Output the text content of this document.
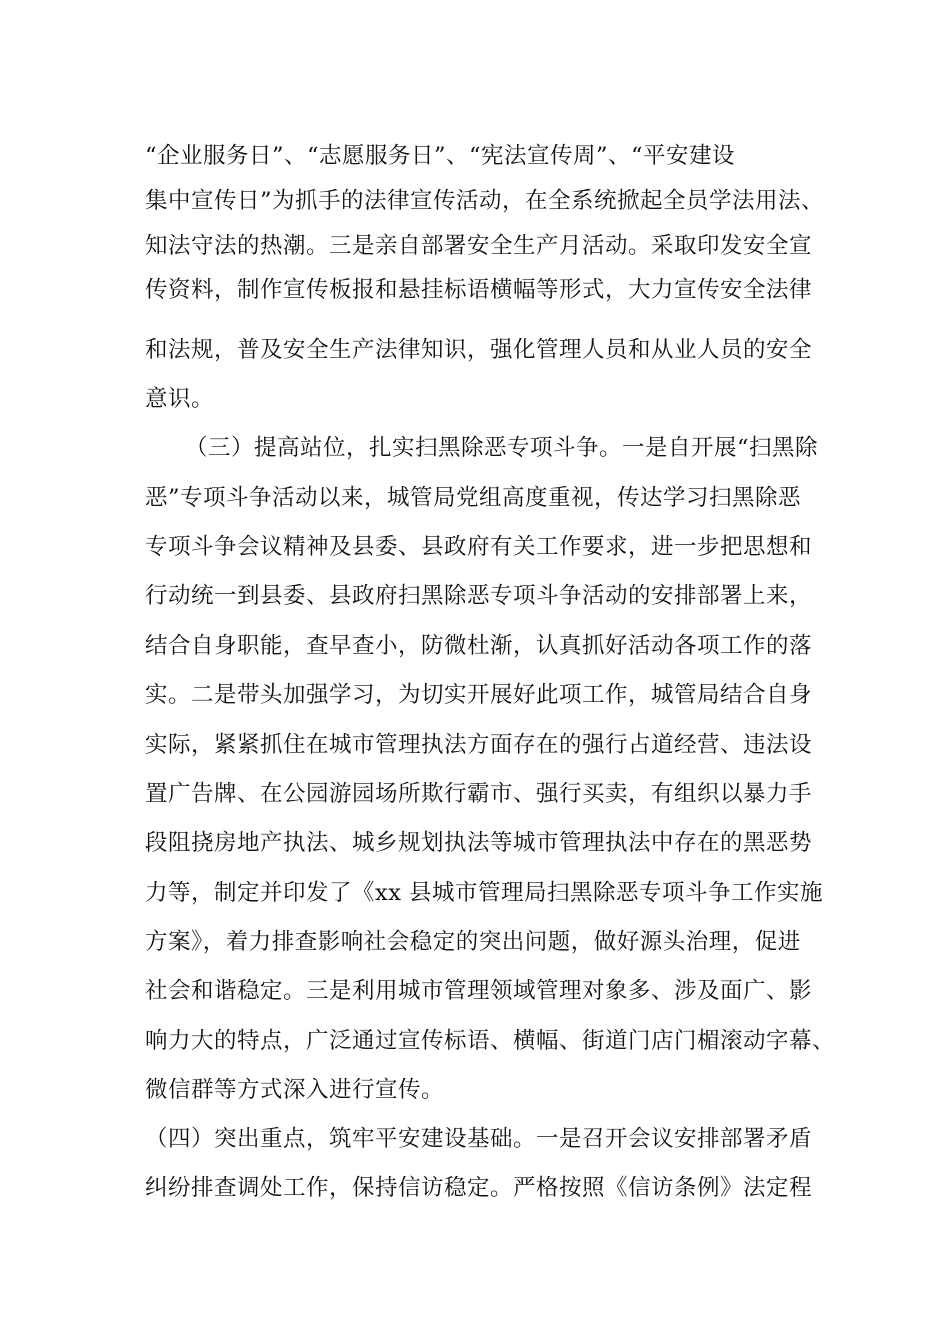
“企业服务日”、“志愿服务日”、“宪法宣传周”、“平安建设
集中宣传日”为抓手的法律宣传活动，在全系统掀起全员学法用法、
知法守法的热潮。三是亲自部署安全生产月活动。采取印发安全宣
传资料，制作宣传板报和悬挂标语横幅等形式，大力宣传安全法律
和法规，普及安全生产法律知识，强化管理人员和从业人员的安全
意识。
（三）提高站位，扎实扫黑除恶专项斗争。一是自开展“扫黑除
恶”专项斗争活动以来，城管局党组高度重视，传达学习扫黑除恶
专项斗争会议精神及县委、县政府有关工作要求，进一步把思想和
行动统一到县委、县政府扫黑除恶专项斗争活动的安排部署上来，
结合自身职能，查早查小，防微杜渐，认真抓好活动各项工作的落
实。二是带头加强学习，为切实开展好此项工作，城管局结合自身
实际，紧紧抓住在城市管理执法方面存在的强行占道经营、违法设
置广告牌、在公园游园场所欺行霸市、强行买卖，有组织以暴力手
段阻挠房地产执法、城乡规划执法等城市管理执法中存在的黑恶势
力等，制定并印发了《xx 县城市管理局扫黑除恶专项斗争工作实施
方案》，着力排查影响社会稳定的突出问题，做好源头治理，促进
社会和谐稳定。三是利用城市管理领域管理对象多、涉及面广、影
响力大的特点，广泛通过宣传标语、横幅、街道门店门楣滚动字幕、
微信群等方式深入进行宣传。
（四）突出重点，筑牢平安建设基础。一是召开会议安排部署矛盾
纠纷排查调处工作，保持信访稳定。严格按照《信访条例》法定程
